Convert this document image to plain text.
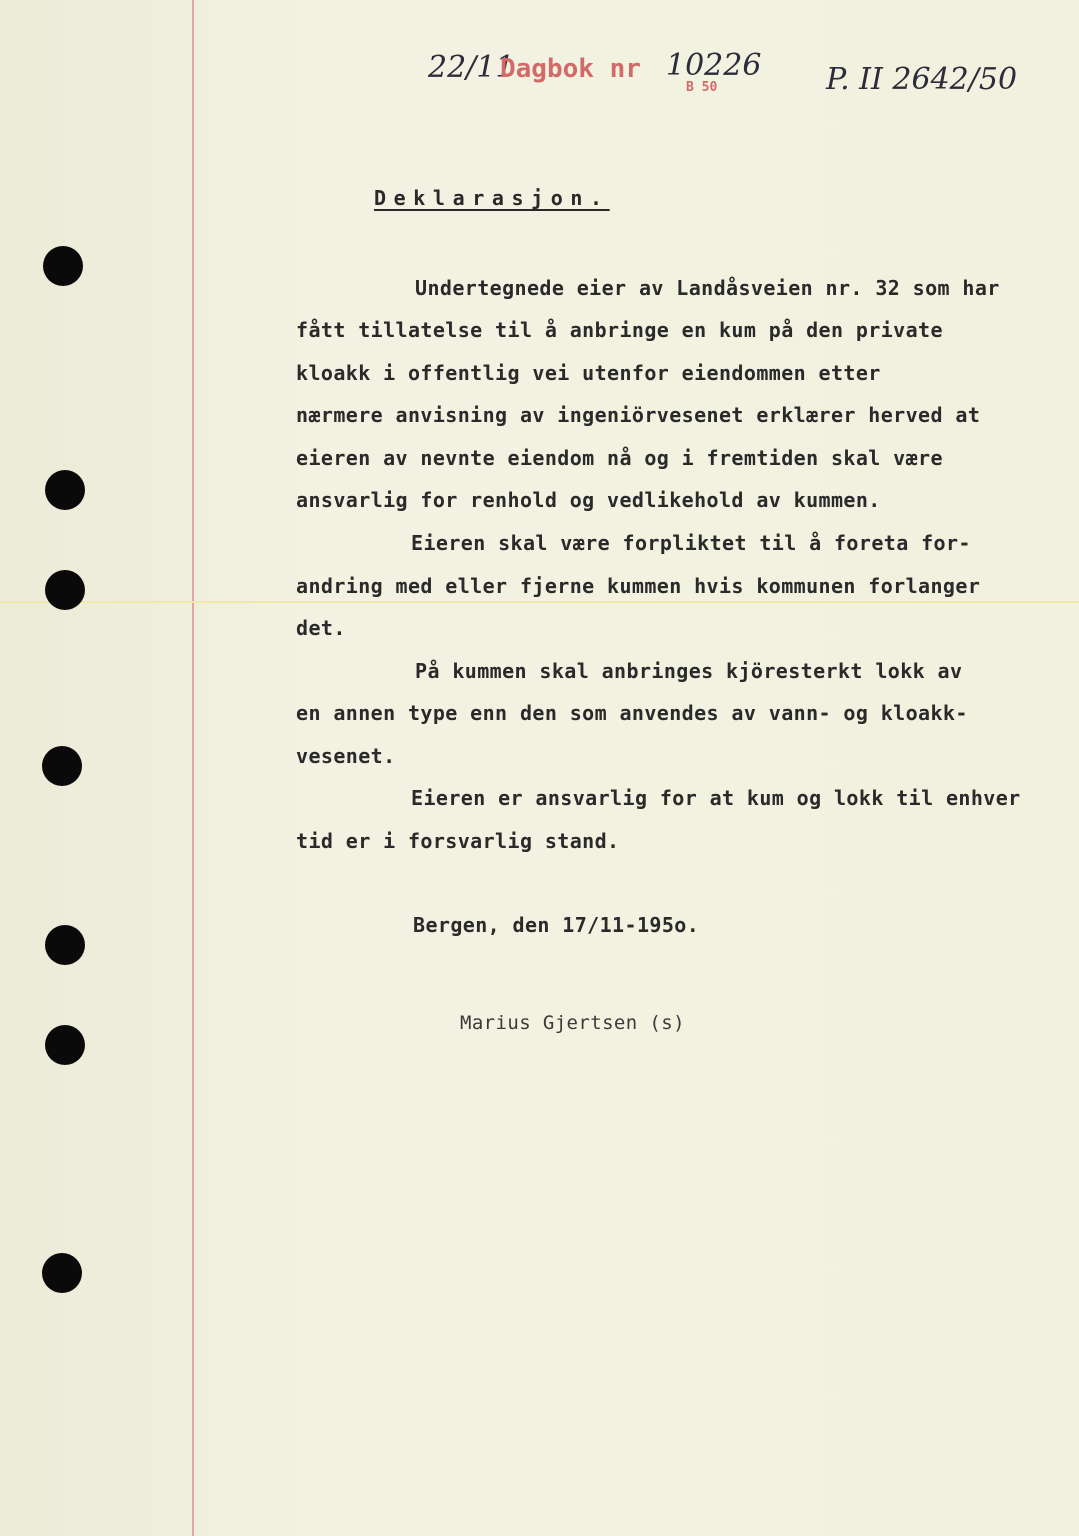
22/11
Dagbok nr 10226
B 50	P. II 2642/50
Deklarasjon.
Undertegnede eier av Landåsveien nr. 32 som har
fått tillatelse til å anbringe en kum på den private
kloakk i offentlig vei utenfor eiendommen etter
nærmere anvisning av ingeniörvesenet erklærer herved at
eieren av nevnte eiendom nå og i fremtiden skal være
ansvarlig for renhold og vedlikehold av kummen.
Eieren skal være forpliktet til å foreta for-
andring med eller fjerne kummen hvis kommunen forlanger
det.
På kummen skal anbringes kjöresterkt lokk av
en annen type enn den som anvendes av vann- og kloakk-
vesenet.
Eieren er ansvarlig for at kum og lokk til enhver
tid er i forsvarlig stand.
Bergen, den 17/11-195o.
Marius Gjertsen (s)
